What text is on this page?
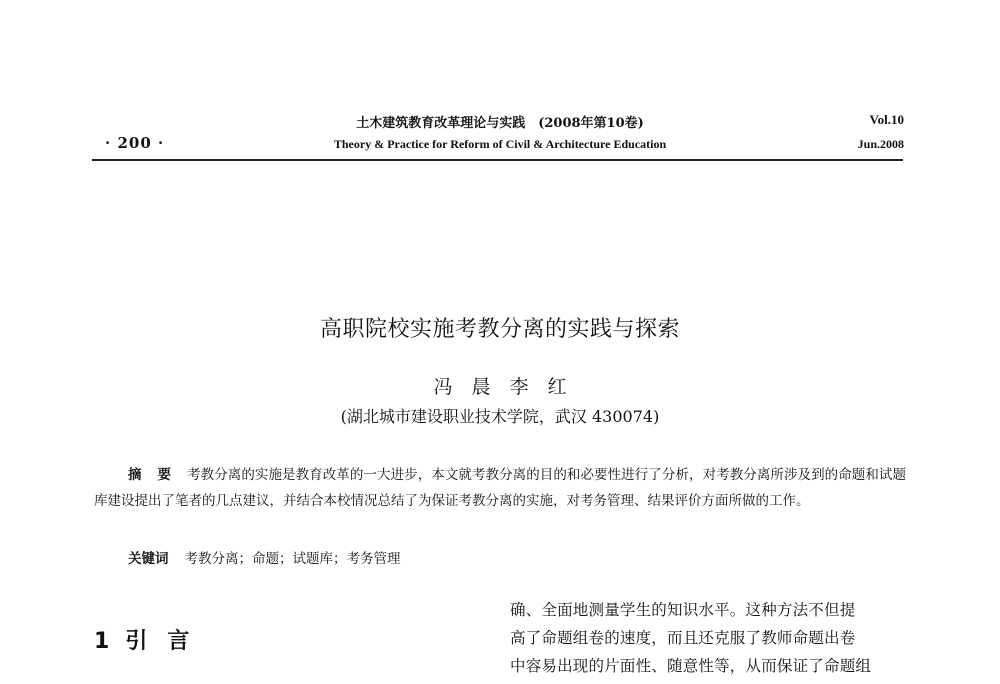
· 200 ·
土木建筑教育改革理论与实践　(2008年第10卷)
Theory & Practice for Reform of Civil & Architecture Education
Vol.10
Jun.2008
高职院校实施考教分离的实践与探索
冯　晨　李　红
(湖北城市建设职业技术学院，武汉 430074)
摘要考教分离的实施是教育改革的一大进步，本文就考教分离的目的和必要性进行了分析，对考教分离所涉及到的命题和试题库建设提出了笔者的几点建议，并结合本校情况总结了为保证考教分离的实施，对考务管理、结果评价方面所做的工作。
关键词 考教分离；命题；试题库；考务管理
1 引言
确、全面地测量学生的知识水平。这种方法不但提
高了命题组卷的速度，而且还克服了教师命题出卷
中容易出现的片面性、随意性等，从而保证了命题组
